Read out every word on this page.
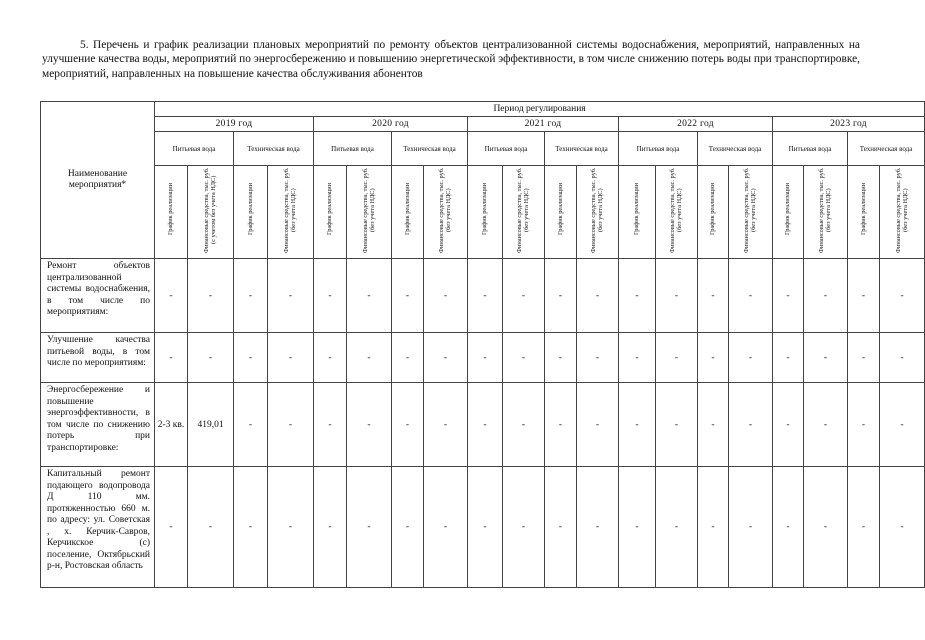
5. Перечень и график реализации плановых мероприятий по ремонту объектов централизованной системы водоснабжения, мероприятий, направленных на улучшение качества воды, мероприятий по энергосбережению и повышению энергетической эффективности, в том числе снижению потерь воды при транспортировке, мероприятий, направленных на повышение качества обслуживания абонентов

Наименование мероприятия*	Период регулирования																			
	2019 год				2020 год				2021 год				2022 год				2023 год			
	Питьевая вода		Техническая вода		Питьевая вода		Техническая вода		Питьевая вода		Техническая вода		Питьевая вода		Техническая вода		Питьевая вода		Техническая вода	
	График реализации	Финансовые средства, тыс. руб. (с учетом без учета НДС)	График реализации	Финансовые средства, тыс. руб. (без учета НДС)	График реализации	Финансовые средства, тыс. руб. (без учета НДС)	График реализации	Финансовые средства, тыс. руб. (без учета НДС)	График реализации	Финансовые средства, тыс. руб. (без учета НДС)	График реализации	Финансовые средства, тыс. руб. (без учета НДС)	График реализации	Финансовые средства, тыс. руб. (без учета НДС)	График реализации	Финансовые средства, тыс. руб. (без учета НДС)	График реализации	Финансовые средства, тыс. руб. (без учета НДС)	График реализации	Финансовые средства, тыс. руб. (без учета НДС)
Ремонт объектов централизованной системы водоснабжения, в том числе по мероприятиям:	-	-	-	-	-	-	-	-	-	-	-	-	-	-	-	-	-	-	-	-
Улучшение качества питьевой воды, в том числе по мероприятиям:	-	-	-	-	-	-	-	-	-	-	-	-	-	-	-	-	-	-	-	-
Энергосбережение и повышение энергоэффективности, в том числе по снижению потерь при транспортировке:	2-3 кв.	419,01	-	-	-	-	-	-	-	-	-	-	-	-	-	-	-	-	-	-
Капитальный ремонт подающего водопровода Д 110 мм. протяженностью 660 м. по адресу: ул. Советская , х. Керчик-Савров, Керчикское (с) поселение, Октябрьский р-н, Ростовская область	-	-	-	-	-	-	-	-	-	-	-	-	-	-	-	-	-	-	-	-
